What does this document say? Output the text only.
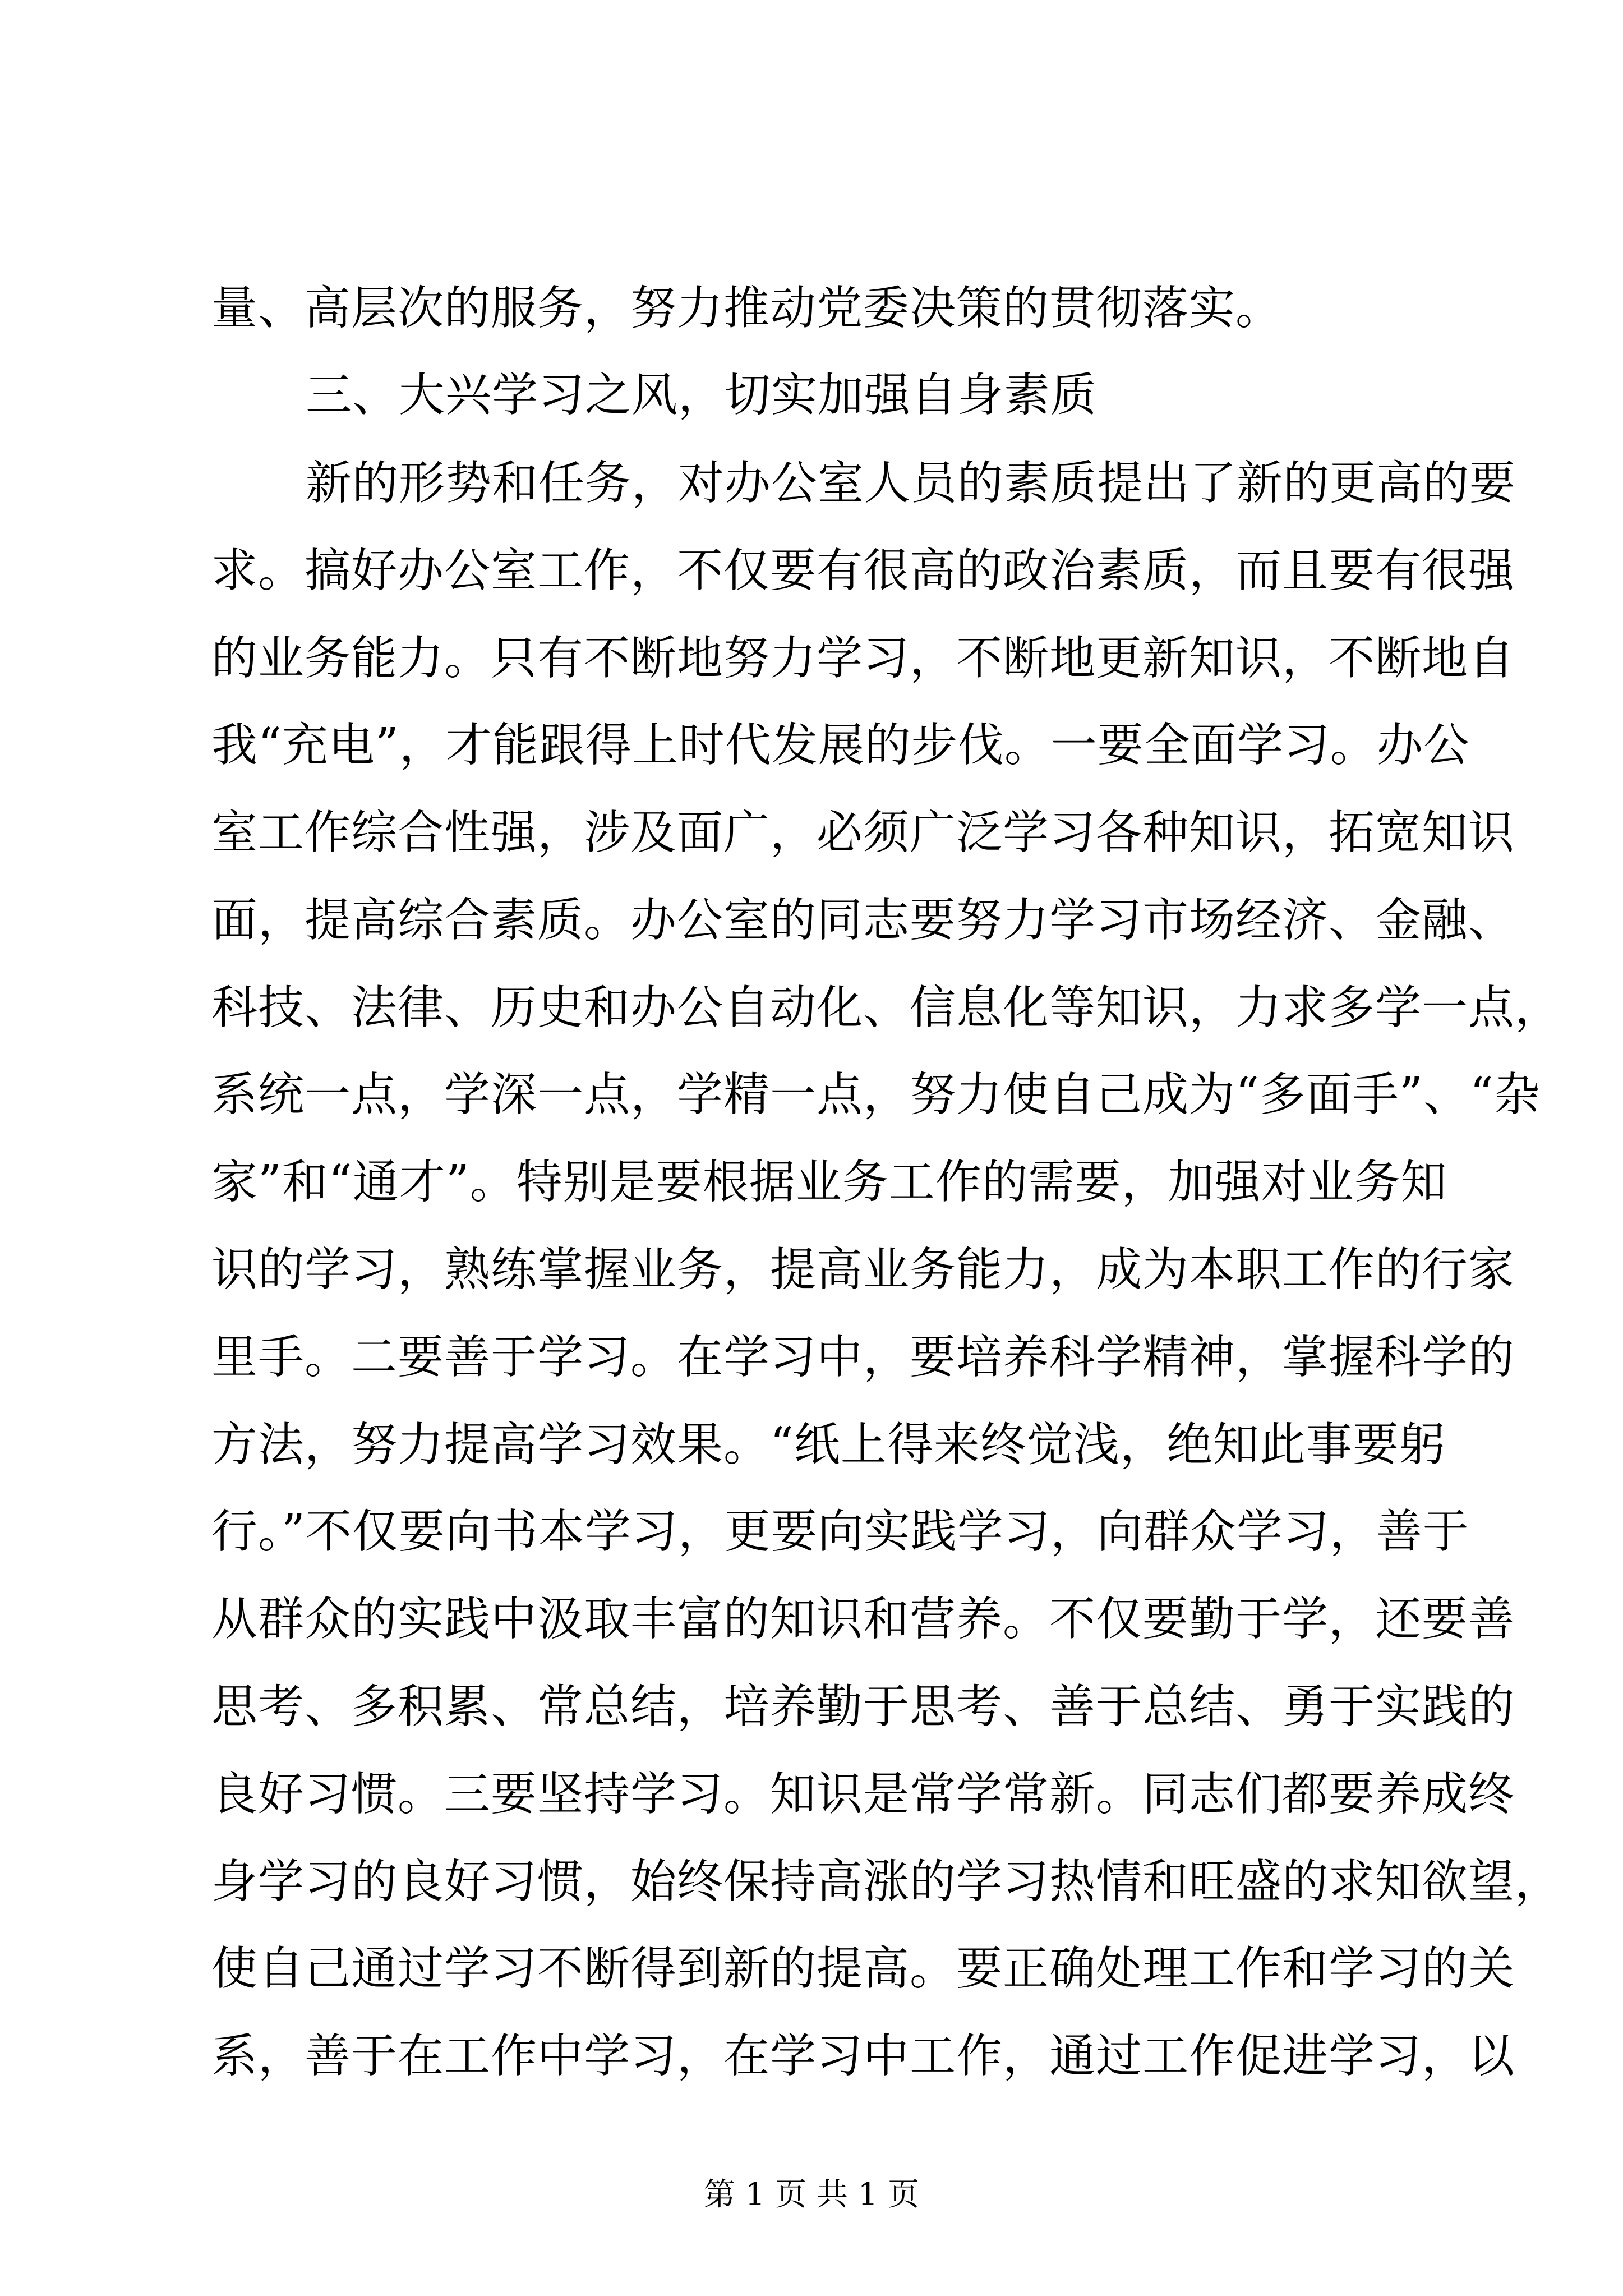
量、高层次的服务，努力推动党委决策的贯彻落实。
三、大兴学习之风，切实加强自身素质
新的形势和任务，对办公室人员的素质提出了新的更高的要
求。搞好办公室工作，不仅要有很高的政治素质，而且要有很强
的业务能力。只有不断地努力学习，不断地更新知识，不断地自
我“充电”，才能跟得上时代发展的步伐。一要全面学习。办公
室工作综合性强，涉及面广，必须广泛学习各种知识，拓宽知识
面，提高综合素质。办公室的同志要努力学习市场经济、金融、
科技、法律、历史和办公自动化、信息化等知识，力求多学一点，
系统一点，学深一点，学精一点，努力使自己成为“多面手”、“杂
家”和“通才”。特别是要根据业务工作的需要，加强对业务知
识的学习，熟练掌握业务，提高业务能力，成为本职工作的行家
里手。二要善于学习。在学习中，要培养科学精神，掌握科学的
方法，努力提高学习效果。“纸上得来终觉浅，绝知此事要躬
行。”不仅要向书本学习，更要向实践学习，向群众学习，善于
从群众的实践中汲取丰富的知识和营养。不仅要勤于学，还要善
思考、多积累、常总结，培养勤于思考、善于总结、勇于实践的
良好习惯。三要坚持学习。知识是常学常新。同志们都要养成终
身学习的良好习惯，始终保持高涨的学习热情和旺盛的求知欲望，
使自己通过学习不断得到新的提高。要正确处理工作和学习的关
系，善于在工作中学习，在学习中工作，通过工作促进学习，以
第 1 页 共 1 页
